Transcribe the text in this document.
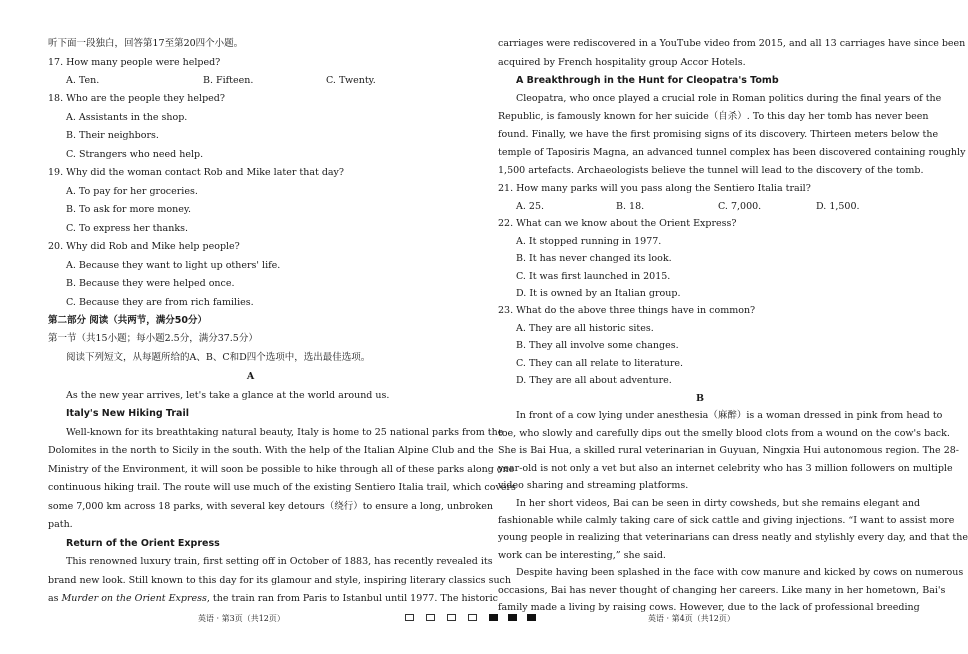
听下面一段独白，回答第17至第20四个小题。
17. How many people were helped?
A. Ten.	B. Fifteen.	C. Twenty.
18. Who are the people they helped?
A. Assistants in the shop.
B. Their neighbors.
C. Strangers who need help.
19. Why did the woman contact Rob and Mike later that day?
A. To pay for her groceries.
B. To ask for more money.
C. To express her thanks.
20. Why did Rob and Mike help people?
A. Because they want to light up others' life.
B. Because they were helped once.
C. Because they are from rich families.
第二部分 阅读（共两节，满分50分）
第一节（共15小题；每小题2.5分，满分37.5分）
阅读下列短文，从每题所给的A、B、C和D四个选项中，选出最佳选项。
A
As the new year arrives, let's take a glance at the world around us.
Italy's New Hiking Trail
Well-known for its breathtaking natural beauty, Italy is home to 25 national parks from the
Dolomites in the north to Sicily in the south. With the help of the Italian Alpine Club and the
Ministry of the Environment, it will soon be possible to hike through all of these parks along one
continuous hiking trail. The route will use much of the existing Sentiero Italia trail, which covers
some 7,000 km across 18 parks, with several key detours（绕行）to ensure a long, unbroken
path.
Return of the Orient Express
This renowned luxury train, first setting off in October of 1883, has recently revealed its
brand new look. Still known to this day for its glamour and style, inspiring literary classics such
as Murder on the Orient Express, the train ran from Paris to Istanbul until 1977. The historic
carriages were rediscovered in a YouTube video from 2015, and all 13 carriages have since been
acquired by French hospitality group Accor Hotels.
A Breakthrough in the Hunt for Cleopatra's Tomb
Cleopatra, who once played a crucial role in Roman politics during the final years of the
Republic, is famously known for her suicide（自杀）. To this day her tomb has never been
found. Finally, we have the first promising signs of its discovery. Thirteen meters below the
temple of Taposiris Magna, an advanced tunnel complex has been discovered containing roughly
1,500 artefacts. Archaeologists believe the tunnel will lead to the discovery of the tomb.
21. How many parks will you pass along the Sentiero Italia trail?
A. 25.	B. 18.	C. 7,000.	D. 1,500.
22. What can we know about the Orient Express?
A. It stopped running in 1977.
B. It has never changed its look.
C. It was first launched in 2015.
D. It is owned by an Italian group.
23. What do the above three things have in common?
A. They are all historic sites.
B. They all involve some changes.
C. They can all relate to literature.
D. They are all about adventure.
B
In front of a cow lying under anesthesia（麻醉）is a woman dressed in pink from head to
toe, who slowly and carefully dips out the smelly blood clots from a wound on the cow's back.
She is Bai Hua, a skilled rural veterinarian in Guyuan, Ningxia Hui autonomous region. The 28-
year-old is not only a vet but also an internet celebrity who has 3 million followers on multiple
video sharing and streaming platforms.
In her short videos, Bai can be seen in dirty cowsheds, but she remains elegant and
fashionable while calmly taking care of sick cattle and giving injections. “I want to assist more
young people in realizing that veterinarians can dress neatly and stylishly every day, and that the
work can be interesting,” she said.
Despite having been splashed in the face with cow manure and kicked by cows on numerous
occasions, Bai has never thought of changing her careers. Like many in her hometown, Bai's
family made a living by raising cows. However, due to the lack of professional breeding
英语 · 第3页（共12页）	英语 · 第4页（共12页）
